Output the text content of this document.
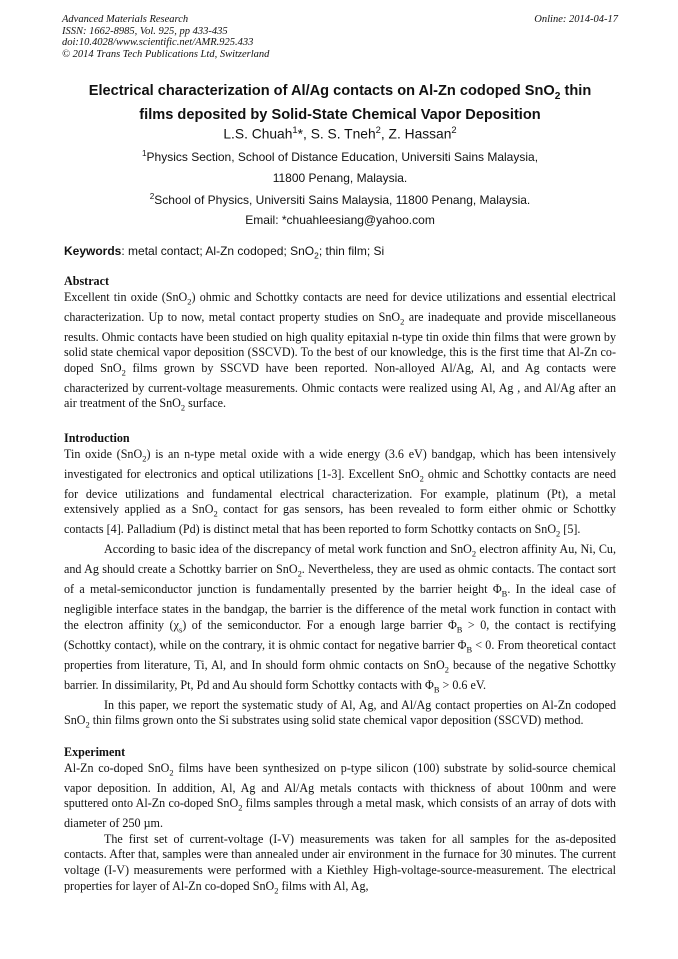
Advanced Materials Research
ISSN: 1662-8985, Vol. 925, pp 433-435
doi:10.4028/www.scientific.net/AMR.925.433
© 2014 Trans Tech Publications Ltd, Switzerland
Online: 2014-04-17
Electrical characterization of Al/Ag contacts on Al-Zn codoped SnO$_2$ thin
films deposited by Solid-State Chemical Vapor Deposition
L.S. Chuah$^1$*, S. S. Tneh$^2$, Z. Hassan$^2$
$^1$Physics Section, School of Distance Education, Universiti Sains Malaysia,
11800 Penang, Malaysia.
$^2$School of Physics, Universiti Sains Malaysia, 11800 Penang, Malaysia.
Email: *chuahleesiang@yahoo.com
Keywords: metal contact; Al-Zn codoped; SnO$_2$; thin film; Si
Abstract

Excellent tin oxide (SnO$_2$) ohmic and Schottky contacts are need for device utilizations and essential electrical characterization. Up to now, metal contact property studies on SnO$_2$ are inadequate and provide miscellaneous results. Ohmic contacts have been studied on high quality epitaxial n-type tin oxide thin films that were grown by solid state chemical vapor deposition (SSCVD). To the best of our knowledge, this is the first time that Al-Zn co-doped SnO$_2$ films grown by SSCVD have been reported. Non-alloyed Al/Ag, Al, and Ag contacts were characterized by current-voltage measurements. Ohmic contacts were realized using Al, Ag , and Al/Ag after an air treatment of the SnO$_2$ surface.

Introduction

Tin oxide (SnO$_2$) is an n-type metal oxide with a wide energy (3.6 eV) bandgap, which has been intensively investigated for electronics and optical utilizations [1-3]. Excellent SnO$_2$ ohmic and Schottky contacts are need for device utilizations and fundamental electrical characterization. For example, platinum (Pt), a metal extensively applied as a SnO$_2$ contact for gas sensors, has been revealed to form either ohmic or Schottky contacts [4]. Palladium (Pd) is distinct metal that has been reported to form Schottky contacts on SnO$_2$ [5].

According to basic idea of the discrepancy of metal work function and SnO$_2$ electron affinity Au, Ni, Cu, and Ag should create a Schottky barrier on SnO$_2$. Nevertheless, they are used as ohmic contacts. The contact sort of a metal-semiconductor junction is fundamentally presented by the barrier height $\Phi_B$. In the ideal case of negligible interface states in the bandgap, the barrier is the difference of the metal work function in contact with the electron affinity $(\chi_s)$ of the semiconductor. For a enough large barrier $\Phi_B > 0$, the contact is rectifying (Schottky contact), while on the contrary, it is ohmic contact for negative barrier $\Phi_B < 0$. From theoretical contact properties from literature, Ti, Al, and In should form ohmic contacts on SnO$_2$ because of the negative Schottky barrier. In dissimilarity, Pt, Pd and Au should form Schottky contacts with $\Phi_B > 0.6$ eV.

In this paper, we report the systematic study of Al, Ag, and Al/Ag contact properties on Al-Zn codoped SnO$_2$ thin films grown onto the Si substrates using solid state chemical vapor deposition (SSCVD) method.

Experiment

Al-Zn co-doped SnO$_2$ films have been synthesized on p-type silicon (100) substrate by solid-source chemical vapor deposition. In addition, Al, Ag and Al/Ag metals contacts with thickness of about 100nm and were sputtered onto Al-Zn co-doped SnO$_2$ films samples through a metal mask, which consists of an array of dots with diameter of 250 µm.

The first set of current-voltage (I-V) measurements was taken for all samples for the as-deposited contacts. After that, samples were than annealed under air environment in the furnace for 30 minutes. The current voltage (I-V) measurements were performed with a Kiethley High-voltage-source-measurement. The electrical properties for layer of Al-Zn co-doped SnO$_2$ films with Al, Ag,
